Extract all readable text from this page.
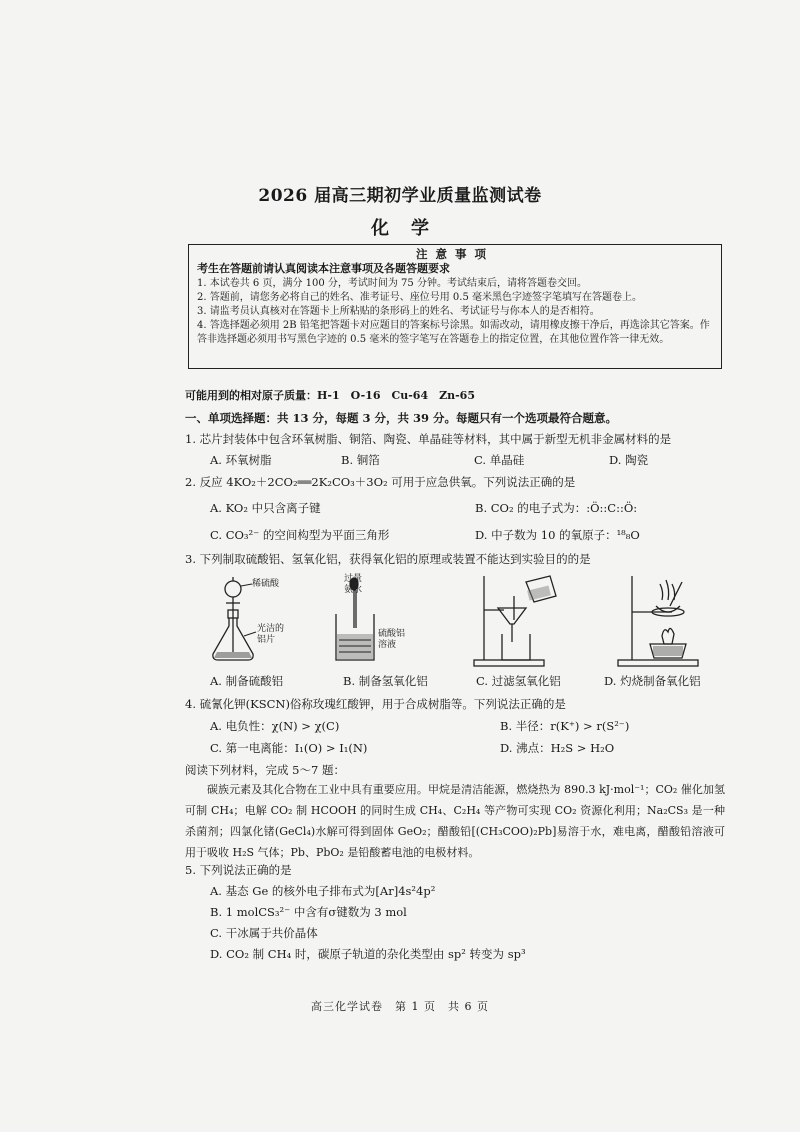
2026 届高三期初学业质量监测试卷
化学
注意事项
考生在答题前请认真阅读本注意事项及各题答题要求
1. 本试卷共 6 页，满分 100 分，考试时间为 75 分钟。考试结束后，请将答题卷交回。
2. 答题前，请您务必将自己的姓名、准考证号、座位号用 0.5 毫米黑色字迹签字笔填写在答题卷上。
3. 请监考员认真核对在答题卡上所粘贴的条形码上的姓名、考试证号与你本人的是否相符。
4. 答选择题必须用 2B 铅笔把答题卡对应题目的答案标号涂黑。如需改动，请用橡皮擦干净后，再选涂其它答案。作答非选择题必须用书写黑色字迹的 0.5 毫米的签字笔写在答题卷上的指定位置，在其他位置作答一律无效。
可能用到的相对原子质量：H-1　O-16　Cu-64　Zn-65
一、单项选择题：共 13 分，每题 3 分，共 39 分。每题只有一个选项最符合题意。
1. 芯片封装体中包含环氧树脂、铜箔、陶瓷、单晶硅等材料，其中属于新型无机非金属材料的是
A. 环氧树脂	B. 铜箔	C. 单晶硅	D. 陶瓷
2. 反应 4KO₂＋2CO₂══2K₂CO₃＋3O₂ 可用于应急供氧。下列说法正确的是
A. KO₂ 中只含离子键	B. CO₂ 的电子式为：:Ö::C::Ö:
C. CO₃²⁻ 的空间构型为平面三角形	D. 中子数为 10 的氧原子：¹⁸₈O
3. 下列制取硫酸铝、氢氧化铝，获得氧化铝的原理或装置不能达到实验目的的是
稀硫酸
光洁的
铝片
过量
氨水
硫酸铝
溶液
A. 制备硫酸铝	B. 制备氢氧化铝	C. 过滤氢氧化铝	D. 灼烧制备氧化铝
4. 硫氰化钾(KSCN)俗称玫瑰红酸钾，用于合成树脂等。下列说法正确的是
A. 电负性：χ(N) > χ(C)	B. 半径：r(K⁺) > r(S²⁻)
C. 第一电离能：I₁(O) > I₁(N)	D. 沸点：H₂S > H₂O
阅读下列材料，完成 5～7 题：
碳族元素及其化合物在工业中具有重要应用。甲烷是清洁能源，燃烧热为 890.3 kJ·mol⁻¹；CO₂ 催化加氢可制 CH₄；电解 CO₂ 制 HCOOH 的同时生成 CH₄、C₂H₄ 等产物可实现 CO₂ 资源化利用；Na₂CS₃ 是一种杀菌剂；四氯化锗(GeCl₄)水解可得到固体 GeO₂；醋酸铅[(CH₃COO)₂Pb]易溶于水，难电离，醋酸铅溶液可用于吸收 H₂S 气体；Pb、PbO₂ 是铅酸蓄电池的电极材料。
5. 下列说法正确的是
A. 基态 Ge 的核外电子排布式为[Ar]4s²4p²
B. 1 molCS₃²⁻ 中含有σ键数为 3 mol
C. 干冰属于共价晶体
D. CO₂ 制 CH₄ 时，碳原子轨道的杂化类型由 sp² 转变为 sp³
高三化学试卷　第 1 页　共 6 页
